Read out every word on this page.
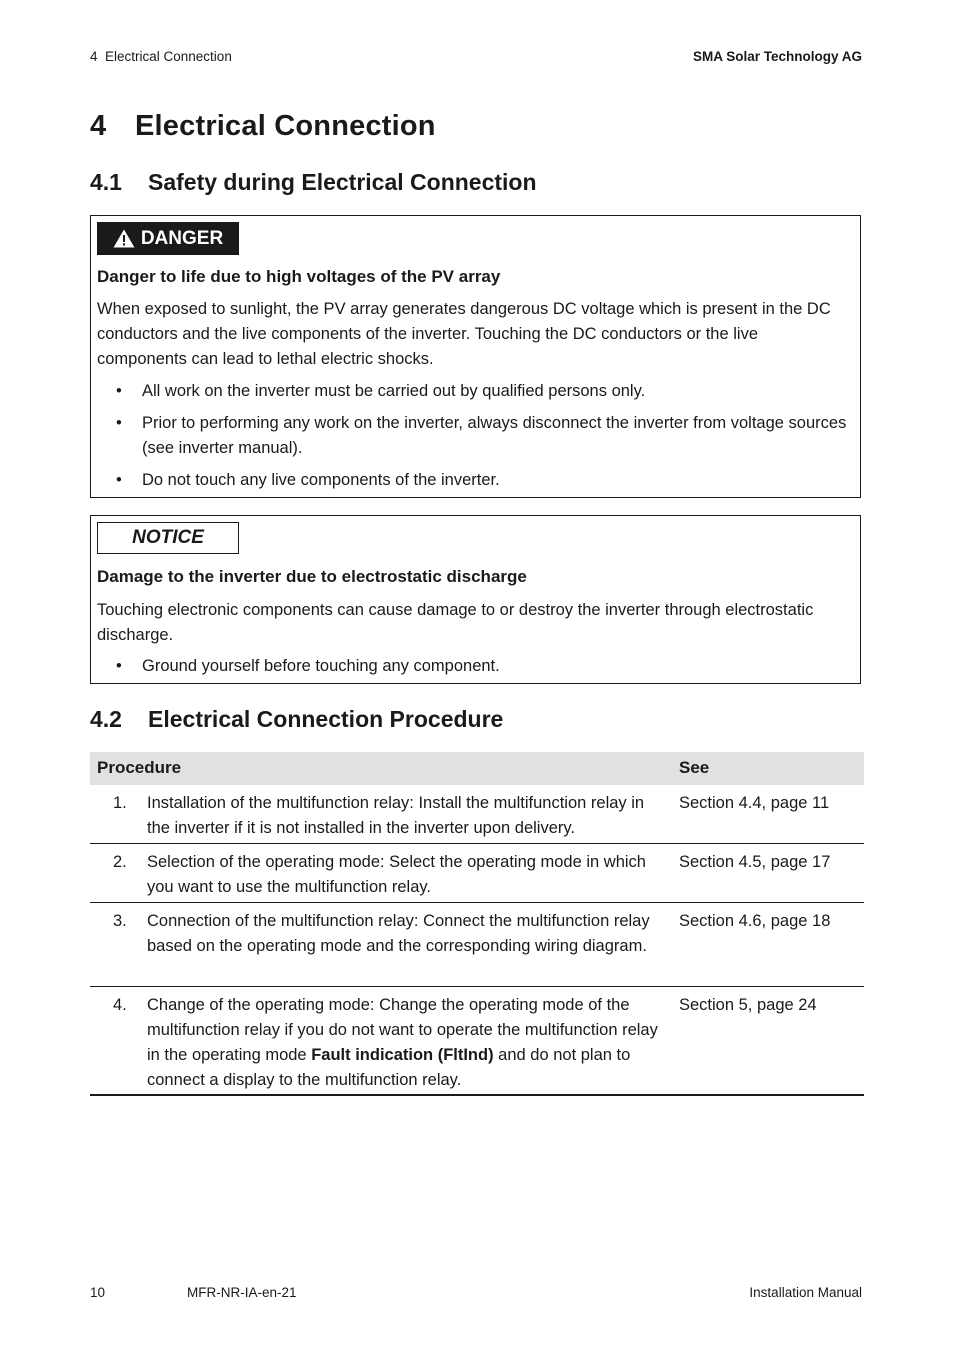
4  Electrical Connection	SMA Solar Technology AG
4 Electrical Connection
4.1 Safety during Electrical Connection
DANGER
Danger to life due to high voltages of the PV array
When exposed to sunlight, the PV array generates dangerous DC voltage which is present in the DC conductors and the live components of the inverter. Touching the DC conductors or the live components can lead to lethal electric shocks.
• All work on the inverter must be carried out by qualified persons only.
• Prior to performing any work on the inverter, always disconnect the inverter from voltage sources (see inverter manual).
• Do not touch any live components of the inverter.
NOTICE
Damage to the inverter due to electrostatic discharge
Touching electronic components can cause damage to or destroy the inverter through electrostatic discharge.
• Ground yourself before touching any component.
4.2 Electrical Connection Procedure
Procedure	See
1. Installation of the multifunction relay: Install the multifunction relay in the inverter if it is not installed in the inverter upon delivery.
Section 4.4, page 11
2. Selection of the operating mode: Select the operating mode in which you want to use the multifunction relay.
Section 4.5, page 17
3. Connection of the multifunction relay: Connect the multifunction relay based on the operating mode and the corresponding wiring diagram.
Section 4.6, page 18
4. Change of the operating mode: Change the operating mode of the multifunction relay if you do not want to operate the multifunction relay in the operating mode Fault indication (FltInd) and do not plan to connect a display to the multifunction relay.
Section 5, page 24
10	MFR-NR-IA-en-21	Installation Manual
